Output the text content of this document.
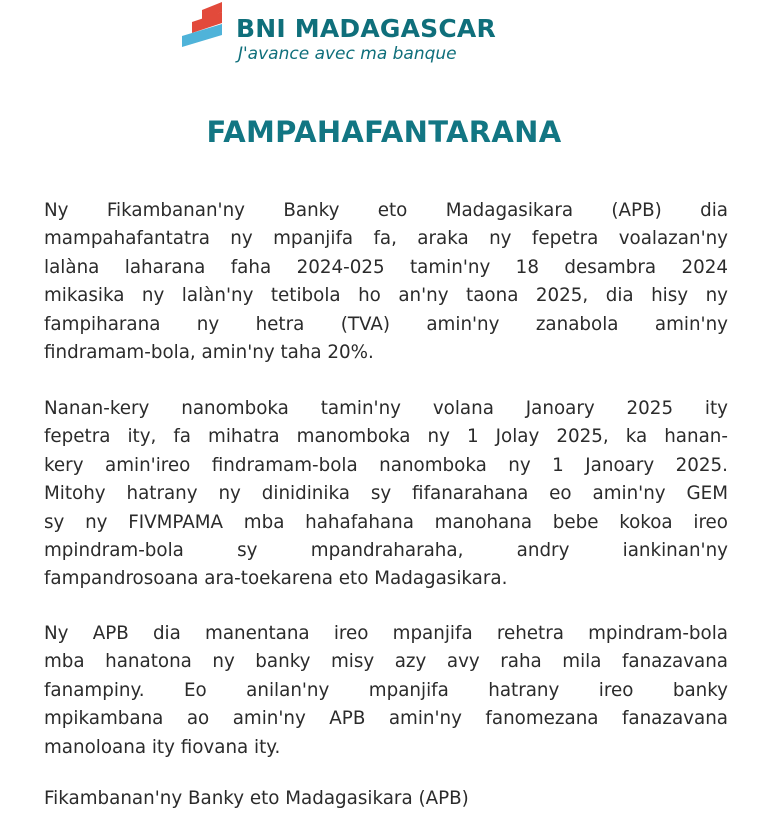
BNI MADAGASCAR
J'avance avec ma banque
FAMPAHAFANTARANA
Ny Fikambanan'ny Banky eto Madagasikara (APB) dia
mampahafantatra ny mpanjifa fa, araka ny fepetra voalazan'ny
lalàna laharana faha 2024-025 tamin'ny 18 desambra 2024
mikasika ny lalàn'ny tetibola ho an'ny taona 2025, dia hisy ny
fampiharana ny hetra (TVA) amin'ny zanabola amin'ny
findramam-bola, amin'ny taha 20%.
Nanan-kery nanomboka tamin'ny volana Janoary 2025 ity
fepetra ity, fa mihatra manomboka ny 1 Jolay 2025, ka hanan-
kery amin'ireo findramam-bola nanomboka ny 1 Janoary 2025.
Mitohy hatrany ny dinidinika sy fifanarahana eo amin'ny GEM
sy ny FIVMPAMA mba hahafahana manohana bebe kokoa ireo
mpindram-bola sy mpandraharaha, andry iankinan'ny
fampandrosoana ara-toekarena eto Madagasikara.
Ny APB dia manentana ireo mpanjifa rehetra mpindram-bola
mba hanatona ny banky misy azy avy raha mila fanazavana
fanampiny. Eo anilan'ny mpanjifa hatrany ireo banky
mpikambana ao amin'ny APB amin'ny fanomezana fanazavana
manoloana ity fiovana ity.
Fikambanan'ny Banky eto Madagasikara (APB)
